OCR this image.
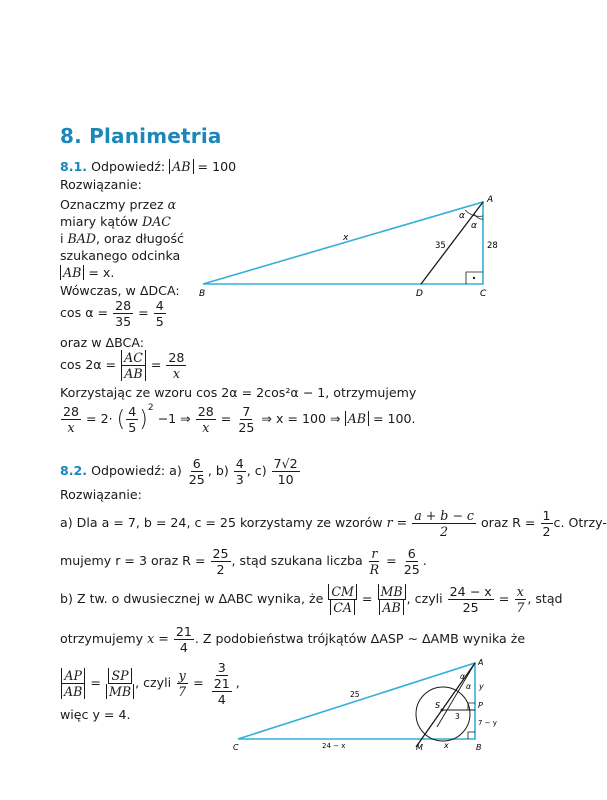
8. Planimetria
8.1. Odpowiedź: AB = 100
Rozwiązanie:
Oznaczmy przez α
miary kątów DAC
i BAD, oraz długość
szukanego odcinka
AB = x.
Wówczas, w ΔDCA:
$\cos \alpha = \frac{28}{35} = \frac{4}{5}$
oraz w ΔBCA:
$\cos 2\alpha = \frac{AC}{AB} = \frac{28}{x}$
Korzystając ze wzoru cos 2α = 2cos²α − 1, otrzymujemy
$\frac{28}{x} = 2\cdot$ ( $\frac{4}{5} )^2 -1$ ⇒ $\frac{28}{x} = \frac{7}{25}$ ⇒ x = 100 ⇒ AB = 100.
A
B	C
D
x
35	28
α
α
8.2. Odpowiedź: $a) \frac{6}{25}$ , $b) \frac{4}{3}$ , $c) \frac{7√2}{10}$
Rozwiązanie:
a) Dla a = 7, b = 24, c = 25 korzystamy ze wzorów $r = \frac{a + b - c}{2}$ oraz $R = \frac{1}{2} c$. Otrzy-
mujemy r = 3 oraz $R = \frac{25}{2}$ , stąd szukana liczba $\frac{r}{R} = \frac{6}{25}$ .
b) Z tw. o dwusiecznej w ΔABC wynika, że $\frac{CM}{CA} = \frac{MB}{AB}$ , czyli $\frac{24 - x}{25} = \frac{x}{7}$ , stąd
otrzymujemy $x = \frac{21}{4}$ . Z podobieństwa trójkątów ΔASP ∼ ΔAMB wynika że
$\frac{AP}{AB} = \frac{SP}{MB}$ , czyli $\frac{y}{7} = \frac{3}{\frac{21}{4}}$ ,
więc y = 4.
A
B
C	M
S	P
25
3
y
7 − y
24 − x	x
α
α
